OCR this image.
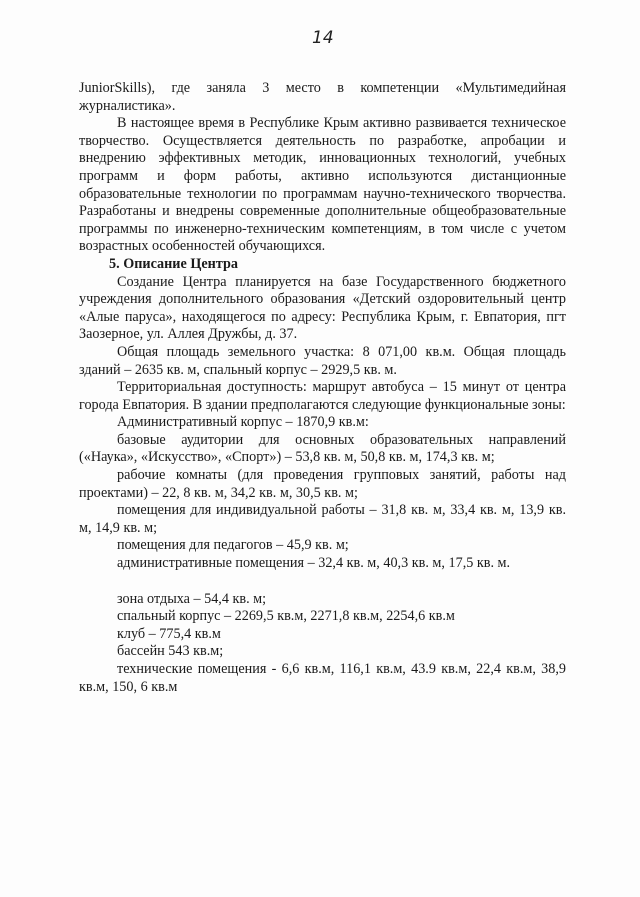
14

JuniorSkills), где заняла 3 место в компетенции «Мультимедийная журналистика».

В настоящее время в Республике Крым активно развивается техническое творчество. Осуществляется деятельность по разработке, апробации и внедрению эффективных методик, инновационных технологий, учебных программ и форм работы, активно используются дистанционные образовательные технологии по программам научно-технического творчества. Разработаны и внедрены современные дополнительные общеобразовательные программы по инженерно-техническим компетенциям, в том числе с учетом возрастных особенностей обучающихся.

5. Описание Центра

Создание Центра планируется на базе Государственного бюджетного учреждения дополнительного образования «Детский оздоровительный центр «Алые паруса», находящегося по адресу: Республика Крым, г. Евпатория, пгт Заозерное, ул. Аллея Дружбы, д. 37.

Общая площадь земельного участка: 8 071,00 кв.м. Общая площадь зданий – 2635 кв. м, спальный корпус – 2929,5 кв. м.

Территориальная доступность: маршрут автобуса – 15 минут от центра города Евпатория. В здании предполагаются следующие функциональные зоны:

Административный корпус – 1870,9 кв.м:

базовые аудитории для основных образовательных направлений («Наука», «Искусство», «Спорт») – 53,8 кв. м, 50,8 кв. м, 174,3 кв. м;

рабочие комнаты (для проведения групповых занятий, работы над проектами) – 22, 8 кв. м, 34,2 кв. м, 30,5 кв. м;

помещения для индивидуальной работы – 31,8 кв. м, 33,4 кв. м, 13,9 кв. м, 14,9 кв. м;

помещения для педагогов – 45,9 кв. м;

административные помещения – 32,4 кв. м, 40,3 кв. м, 17,5 кв. м.

зона отдыха – 54,4 кв. м;

спальный корпус – 2269,5 кв.м, 2271,8 кв.м, 2254,6 кв.м

клуб – 775,4 кв.м

бассейн 543 кв.м;

технические помещения - 6,6 кв.м, 116,1 кв.м, 43.9 кв.м, 22,4 кв.м, 38,9 кв.м, 150, 6 кв.м
